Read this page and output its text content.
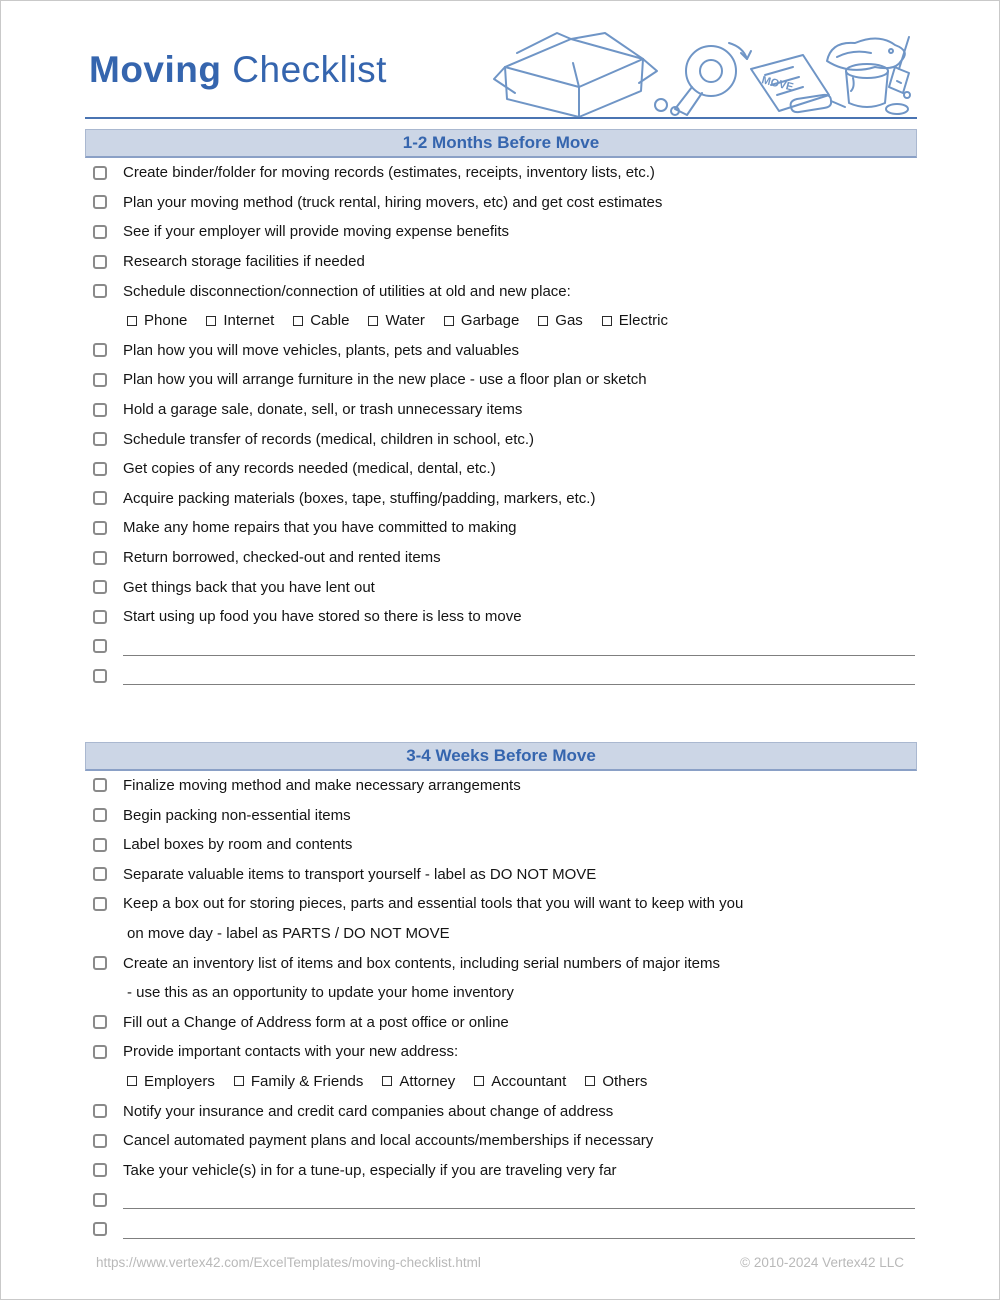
Moving Checklist	MOVE
1-2 Months Before Move
Create binder/folder for moving records (estimates, receipts, inventory lists, etc.)
Plan your moving method (truck rental, hiring movers, etc) and get cost estimates
See if your employer will provide moving expense benefits
Research storage facilities if needed
Schedule disconnection/connection of utilities at old and new place:
Phone Internet Cable Water Garbage Gas Electric
Plan how you will move vehicles, plants, pets and valuables
Plan how you will arrange furniture in the new place - use a floor plan or sketch
Hold a garage sale, donate, sell, or trash unnecessary items
Schedule transfer of records (medical, children in school, etc.)
Get copies of any records needed (medical, dental, etc.)
Acquire packing materials (boxes, tape, stuffing/padding, markers, etc.)
Make any home repairs that you have committed to making
Return borrowed, checked-out and rented items
Get things back that you have lent out
Start using up food you have stored so there is less to move
3-4 Weeks Before Move
Finalize moving method and make necessary arrangements
Begin packing non-essential items
Label boxes by room and contents
Separate valuable items to transport yourself - label as DO NOT MOVE
Keep a box out for storing pieces, parts and essential tools that you will want to keep with you
on move day - label as PARTS / DO NOT MOVE
Create an inventory list of items and box contents, including serial numbers of major items
- use this as an opportunity to update your home inventory
Fill out a Change of Address form at a post office or online
Provide important contacts with your new address:
Employers Family & Friends Attorney Accountant Others
Notify your insurance and credit card companies about change of address
Cancel automated payment plans and local accounts/memberships if necessary
Take your vehicle(s) in for a tune-up, especially if you are traveling very far
https://www.vertex42.com/ExcelTemplates/moving-checklist.html	© 2010-2024 Vertex42 LLC
